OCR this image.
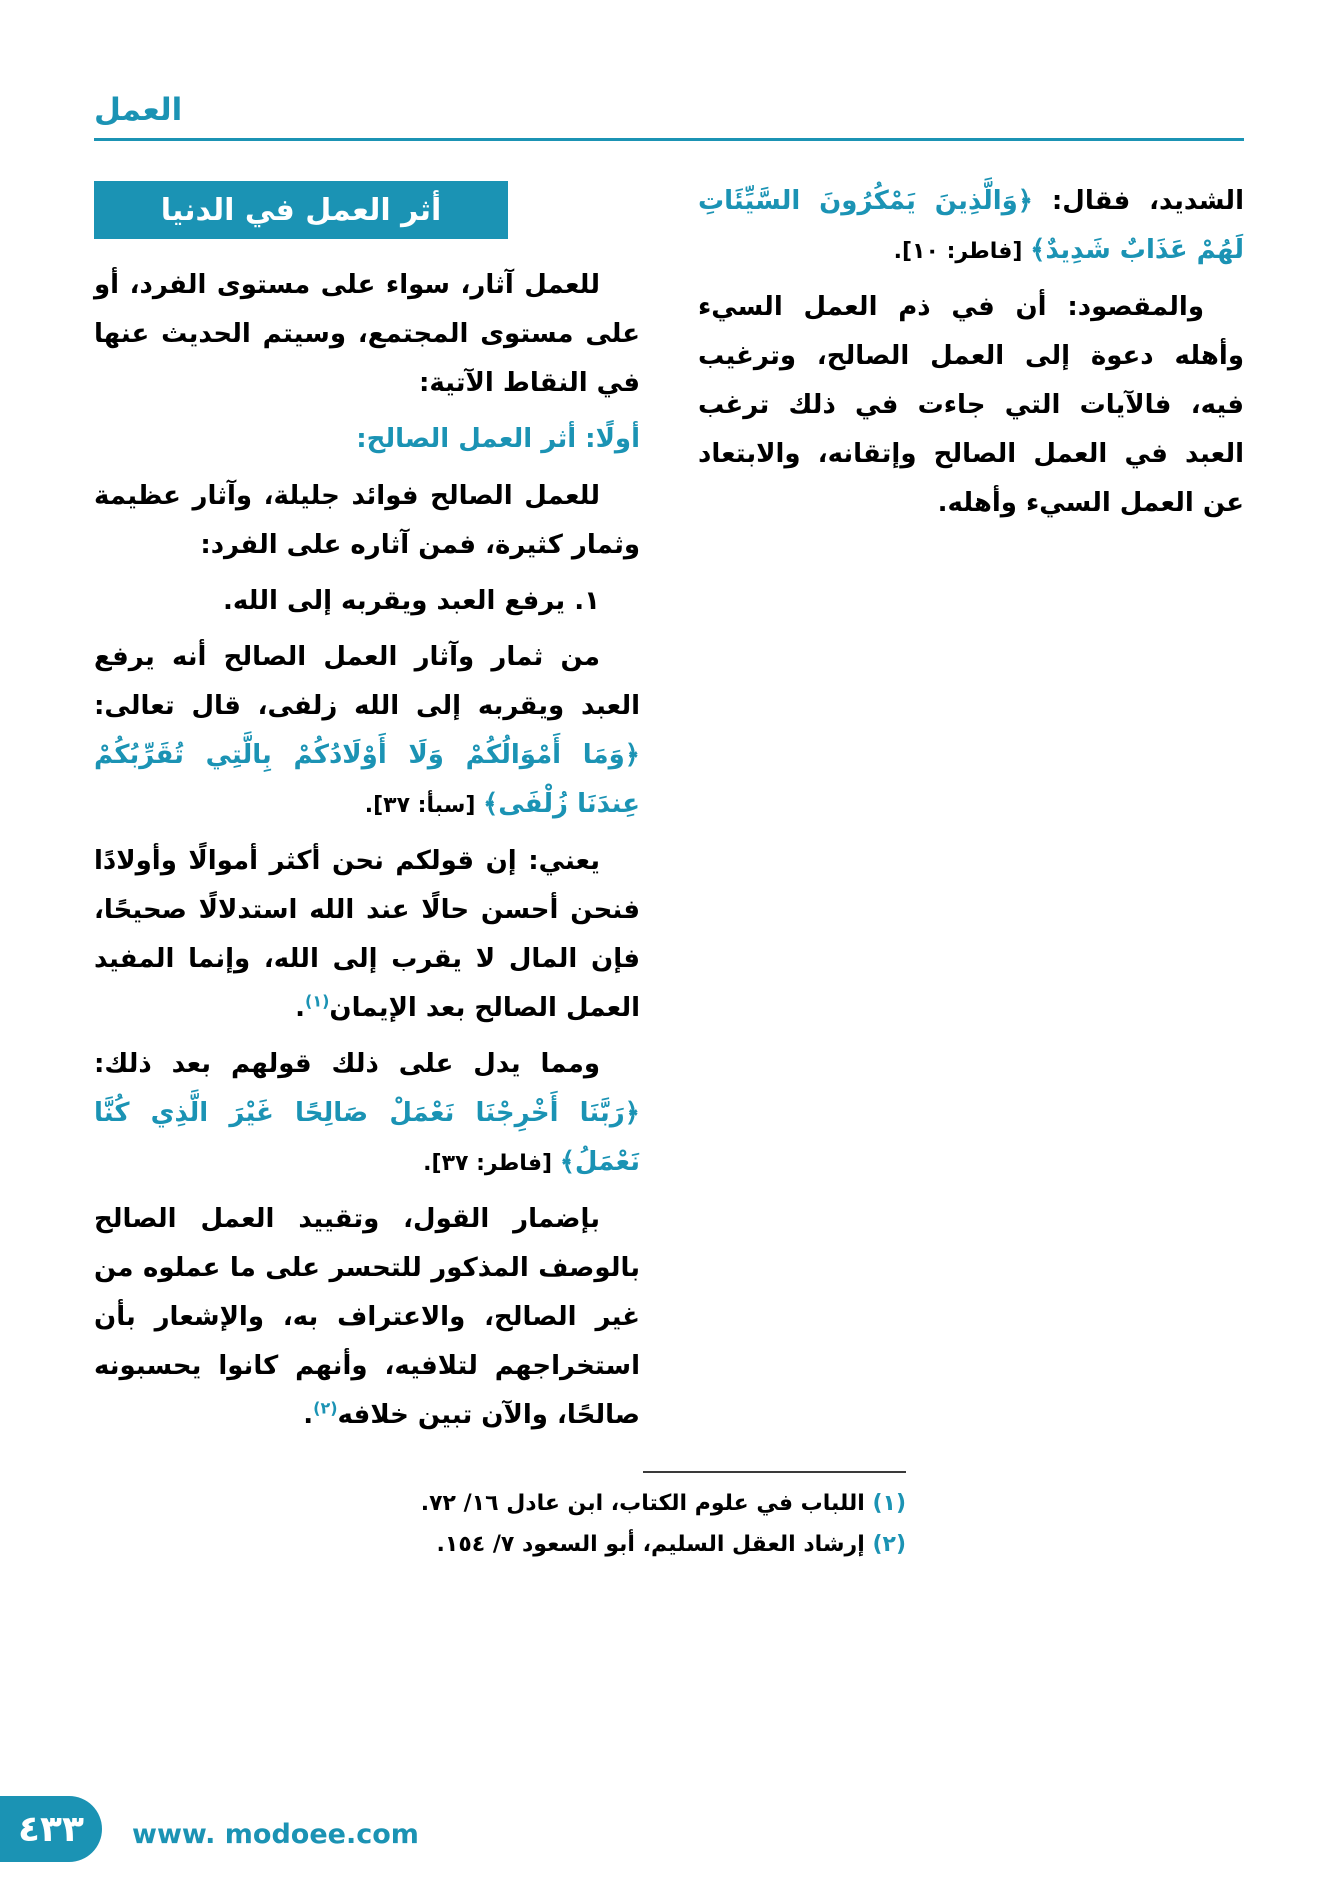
العمل

الشديد، فقال: ﴿وَالَّذِينَ يَمْكُرُونَ السَّيِّئَاتِ لَهُمْ عَذَابٌ شَدِيدٌ﴾ [فاطر: ١٠].

والمقصود: أن في ذم العمل السيء وأهله دعوة إلى العمل الصالح، وترغيب فيه، فالآيات التي جاءت في ذلك ترغب العبد في العمل الصالح وإتقانه، والابتعاد عن العمل السيء وأهله.

أثر العمل في الدنيا

للعمل آثار، سواء على مستوى الفرد، أو على مستوى المجتمع، وسيتم الحديث عنها في النقاط الآتية:

أولًا: أثر العمل الصالح:

للعمل الصالح فوائد جليلة، وآثار عظيمة وثمار كثيرة، فمن آثاره على الفرد:

١. يرفع العبد ويقربه إلى الله.

من ثمار وآثار العمل الصالح أنه يرفع العبد ويقربه إلى الله زلفى، قال تعالى: ﴿وَمَا أَمْوَالُكُمْ وَلَا أَوْلَادُكُمْ بِالَّتِي تُقَرِّبُكُمْ عِندَنَا زُلْفَى﴾ [سبأ: ٣٧].

يعني: إن قولكم نحن أكثر أموالًا وأولادًا فنحن أحسن حالًا عند الله استدلالًا صحيحًا، فإن المال لا يقرب إلى الله، وإنما المفيد العمل الصالح بعد الإيمان$^{(١)}$.

ومما يدل على ذلك قولهم بعد ذلك: ﴿رَبَّنَا أَخْرِجْنَا نَعْمَلْ صَالِحًا غَيْرَ الَّذِي كُنَّا نَعْمَلُ﴾ [فاطر: ٣٧].

بإضمار القول، وتقييد العمل الصالح بالوصف المذكور للتحسر على ما عملوه من غير الصالح، والاعتراف به، والإشعار بأن استخراجهم لتلافيه، وأنهم كانوا يحسبونه صالحًا، والآن تبين خلافه$^{(٢)}$.

(١) اللباب في علوم الكتاب، ابن عادل ١٦/ ٧٢.

(٢) إرشاد العقل السليم، أبو السعود ٧/ ١٥٤.

٤٣٣ www. modoee.com
